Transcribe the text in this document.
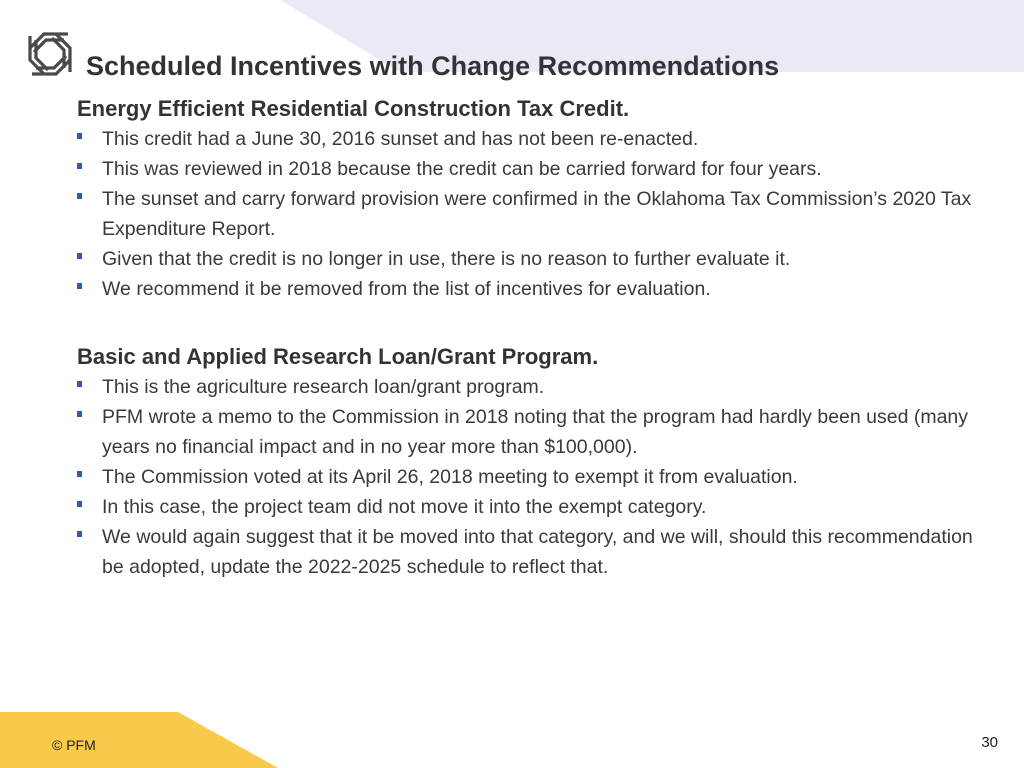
Scheduled Incentives with Change Recommendations
Energy Efficient Residential Construction Tax Credit.
This credit had a June 30, 2016 sunset and has not been re-enacted.
This was reviewed in 2018 because the credit can be carried forward for four years.
The sunset and carry forward provision were confirmed in the Oklahoma Tax Commission’s 2020 Tax Expenditure Report.
Given that the credit is no longer in use, there is no reason to further evaluate it.
We recommend it be removed from the list of incentives for evaluation.
Basic and Applied Research Loan/Grant Program.
This is the agriculture research loan/grant program.
PFM wrote a memo to the Commission in 2018 noting that the program had hardly been used (many years no financial impact and in no year more than $100,000).
The Commission voted at its April 26, 2018 meeting to exempt it from evaluation.
In this case, the project team did not move it into the exempt category.
We would again suggest that it be moved into that category, and we will, should this recommendation be adopted, update the 2022-2025 schedule to reflect that.
© PFM	30
